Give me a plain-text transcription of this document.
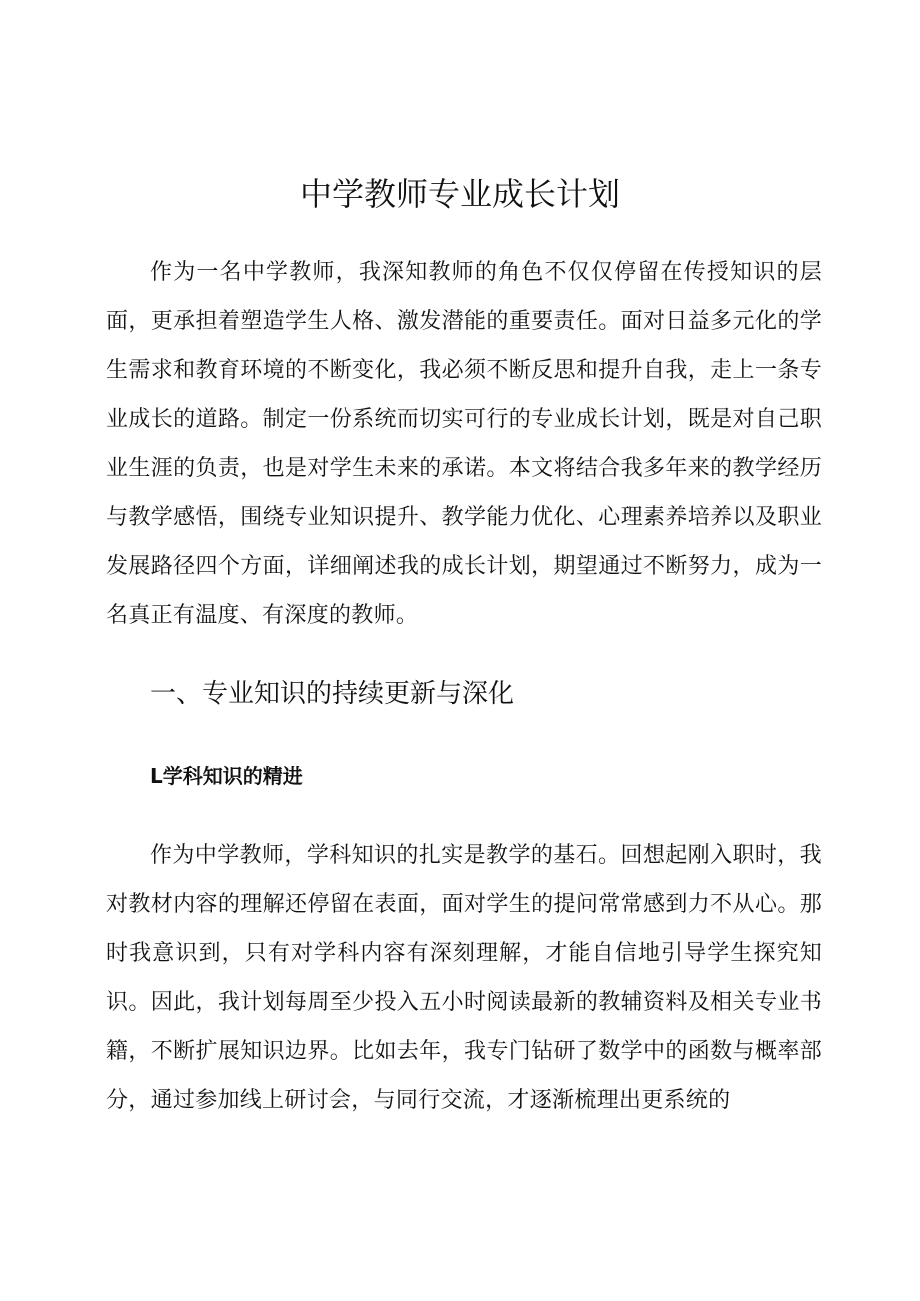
中学教师专业成长计划

作为一名中学教师，我深知教师的角色不仅仅停留在传授知识的层面，更承担着塑造学生人格、激发潜能的重要责任。面对日益多元化的学生需求和教育环境的不断变化，我必须不断反思和提升自我，走上一条专业成长的道路。制定一份系统而切实可行的专业成长计划，既是对自己职业生涯的负责，也是对学生未来的承诺。本文将结合我多年来的教学经历与教学感悟，围绕专业知识提升、教学能力优化、心理素养培养以及职业发展路径四个方面，详细阐述我的成长计划，期望通过不断努力，成为一名真正有温度、有深度的教师。

一、专业知识的持续更新与深化
L学科知识的精进

作为中学教师，学科知识的扎实是教学的基石。回想起刚入职时，我对教材内容的理解还停留在表面，面对学生的提问常常感到力不从心。那时我意识到，只有对学科内容有深刻理解，才能自信地引导学生探究知识。因此，我计划每周至少投入五小时阅读最新的教辅资料及相关专业书籍，不断扩展知识边界。比如去年，我专门钻研了数学中的函数与概率部分，通过参加线上研讨会，与同行交流，才逐渐梳理出更系统的
